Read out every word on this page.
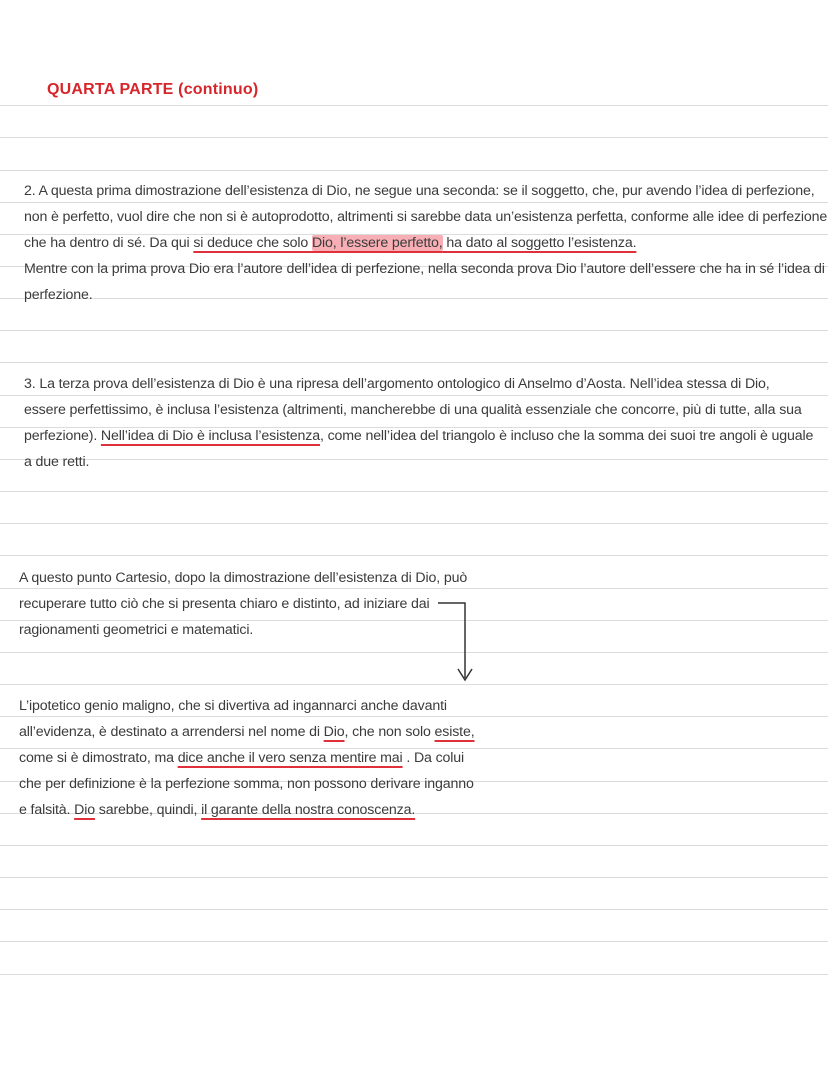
QUARTA PARTE (continuo)
2. A questa prima dimostrazione dell’esistenza di Dio, ne segue una seconda: se il soggetto, che, pur avendo l’idea di perfezione,
non è perfetto, vuol dire che non si è autoprodotto, altrimenti si sarebbe data un’esistenza perfetta, conforme alle idee di perfezione
che ha dentro di sé. Da qui si deduce che solo Dio, l’essere perfetto, ha dato al soggetto l’esistenza.
Mentre con la prima prova Dio era l’autore dell’idea di perfezione, nella seconda prova Dio l’autore dell’essere che ha in sé l’idea di
perfezione.
3. La terza prova dell’esistenza di Dio è una ripresa dell’argomento ontologico di Anselmo d’Aosta. Nell’idea stessa di Dio,
essere perfettissimo, è inclusa l’esistenza (altrimenti, mancherebbe di una qualità essenziale che concorre, più di tutte, alla sua
perfezione). Nell’idea di Dio è inclusa l’esistenza, come nell’idea del triangolo è incluso che la somma dei suoi tre angoli è uguale
a due retti.
A questo punto Cartesio, dopo la dimostrazione dell’esistenza di Dio, può
recuperare tutto ciò che si presenta chiaro e distinto, ad iniziare dai
ragionamenti geometrici e matematici.
L’ipotetico genio maligno, che si divertiva ad ingannarci anche davanti
all’evidenza, è destinato a arrendersi nel nome di Dio, che non solo esiste,
come si è dimostrato, ma dice anche il vero senza mentire mai . Da colui
che per definizione è la perfezione somma, non possono derivare inganno
e falsità. Dio sarebbe, quindi, il garante della nostra conoscenza.
